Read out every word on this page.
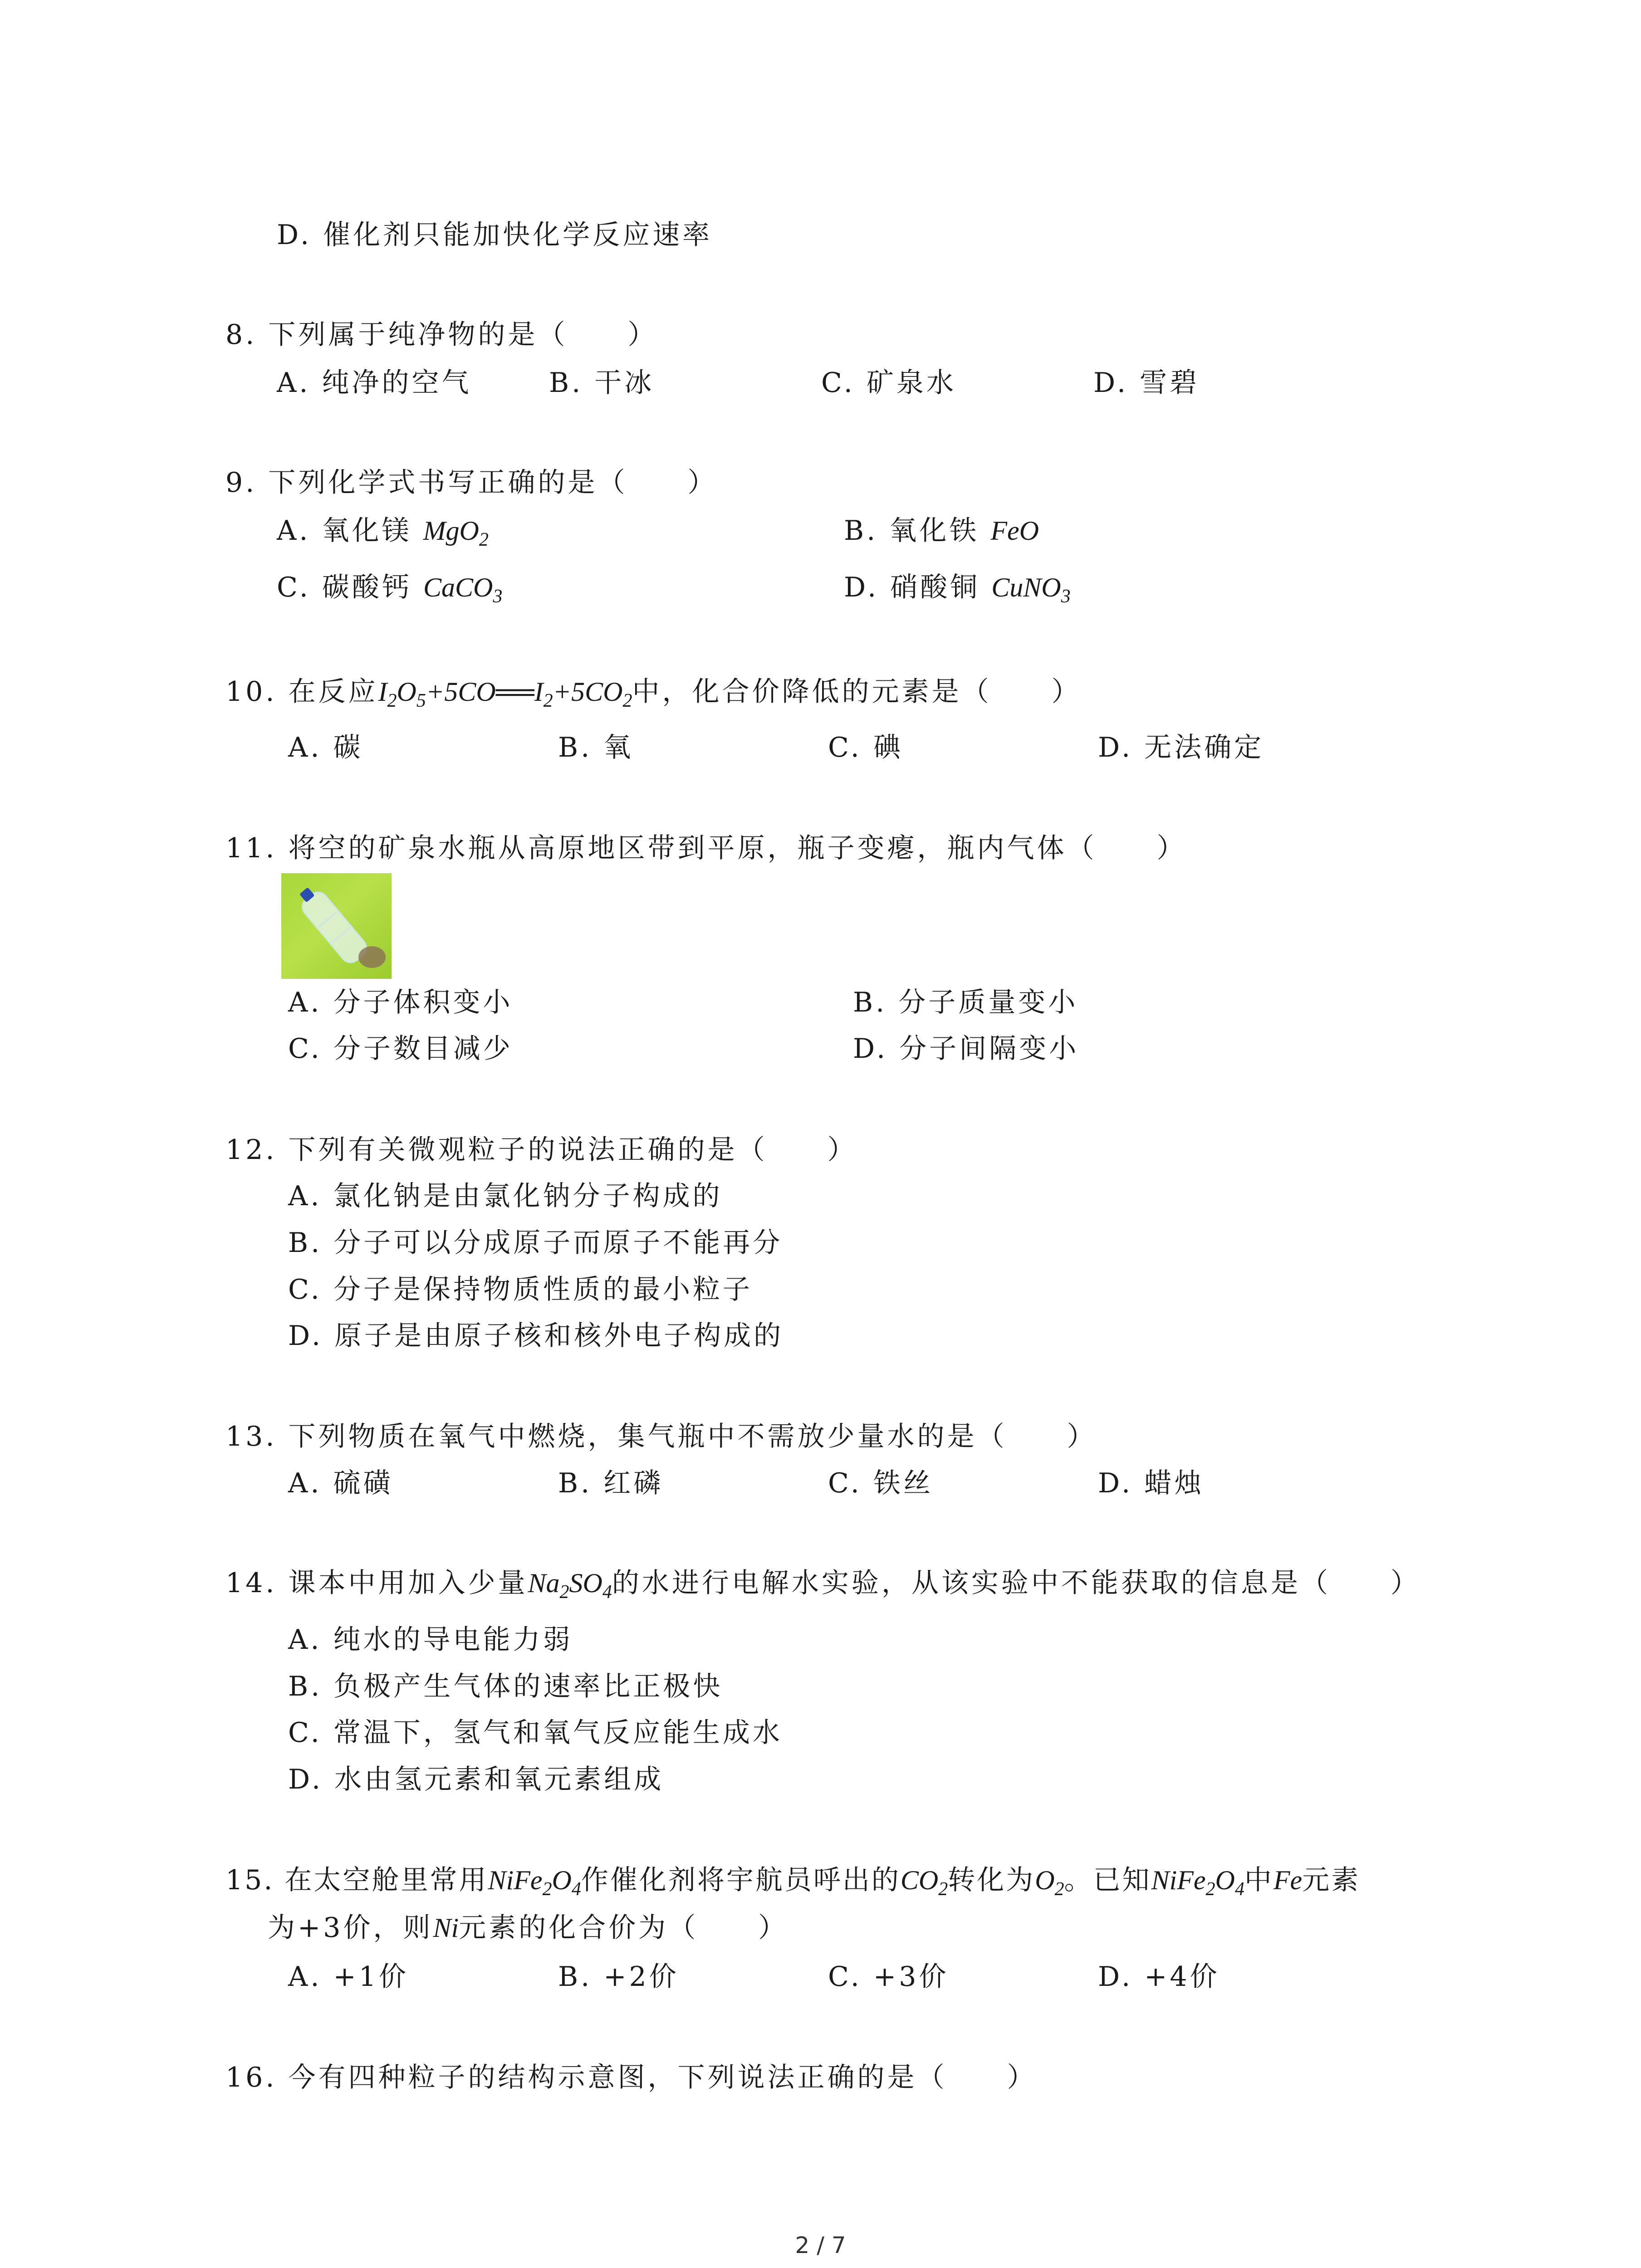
D. 催化剂只能加快化学反应速率
8. 下列属于纯净物的是（　　）
A. 纯净的空气	B. 干冰	C. 矿泉水	D. 雪碧
9. 下列化学式书写正确的是（　　）
A. 氧化镁 MgO$_2$	B. 氧化铁 FeO
C. 碳酸钙 CaCO$_3$	D. 硝酸铜 CuNO$_3$
10. 在反应$I_2O_5+5CO══I_2+5CO_2$中，化合价降低的元素是（　　）
A. 碳	B. 氧	C. 碘	D. 无法确定
11. 将空的矿泉水瓶从高原地区带到平原，瓶子变瘪，瓶内气体（　　）
A. 分子体积变小	B. 分子质量变小
C. 分子数目减少	D. 分子间隔变小
12. 下列有关微观粒子的说法正确的是（　　）
A. 氯化钠是由氯化钠分子构成的
B. 分子可以分成原子而原子不能再分
C. 分子是保持物质性质的最小粒子
D. 原子是由原子核和核外电子构成的
13. 下列物质在氧气中燃烧，集气瓶中不需放少量水的是（　　）
A. 硫磺	B. 红磷	C. 铁丝	D. 蜡烛
14. 课本中用加入少量$Na_2SO_4$的水进行电解水实验，从该实验中不能获取的信息是（　　）
A. 纯水的导电能力弱
B. 负极产生气体的速率比正极快
C. 常温下，氢气和氧气反应能生成水
D. 水由氢元素和氧元素组成
15. 在太空舱里常用$NiFe_2O_4$作催化剂将宇航员呼出的$CO_2$转化为$O_2$。已知$NiFe_2O_4$中Fe元素
为+3价，则Ni元素的化合价为（　　）
A. +1价	B. +2价	C. +3价	D. +4价
16. 今有四种粒子的结构示意图，下列说法正确的是（　　）
2 / 7
